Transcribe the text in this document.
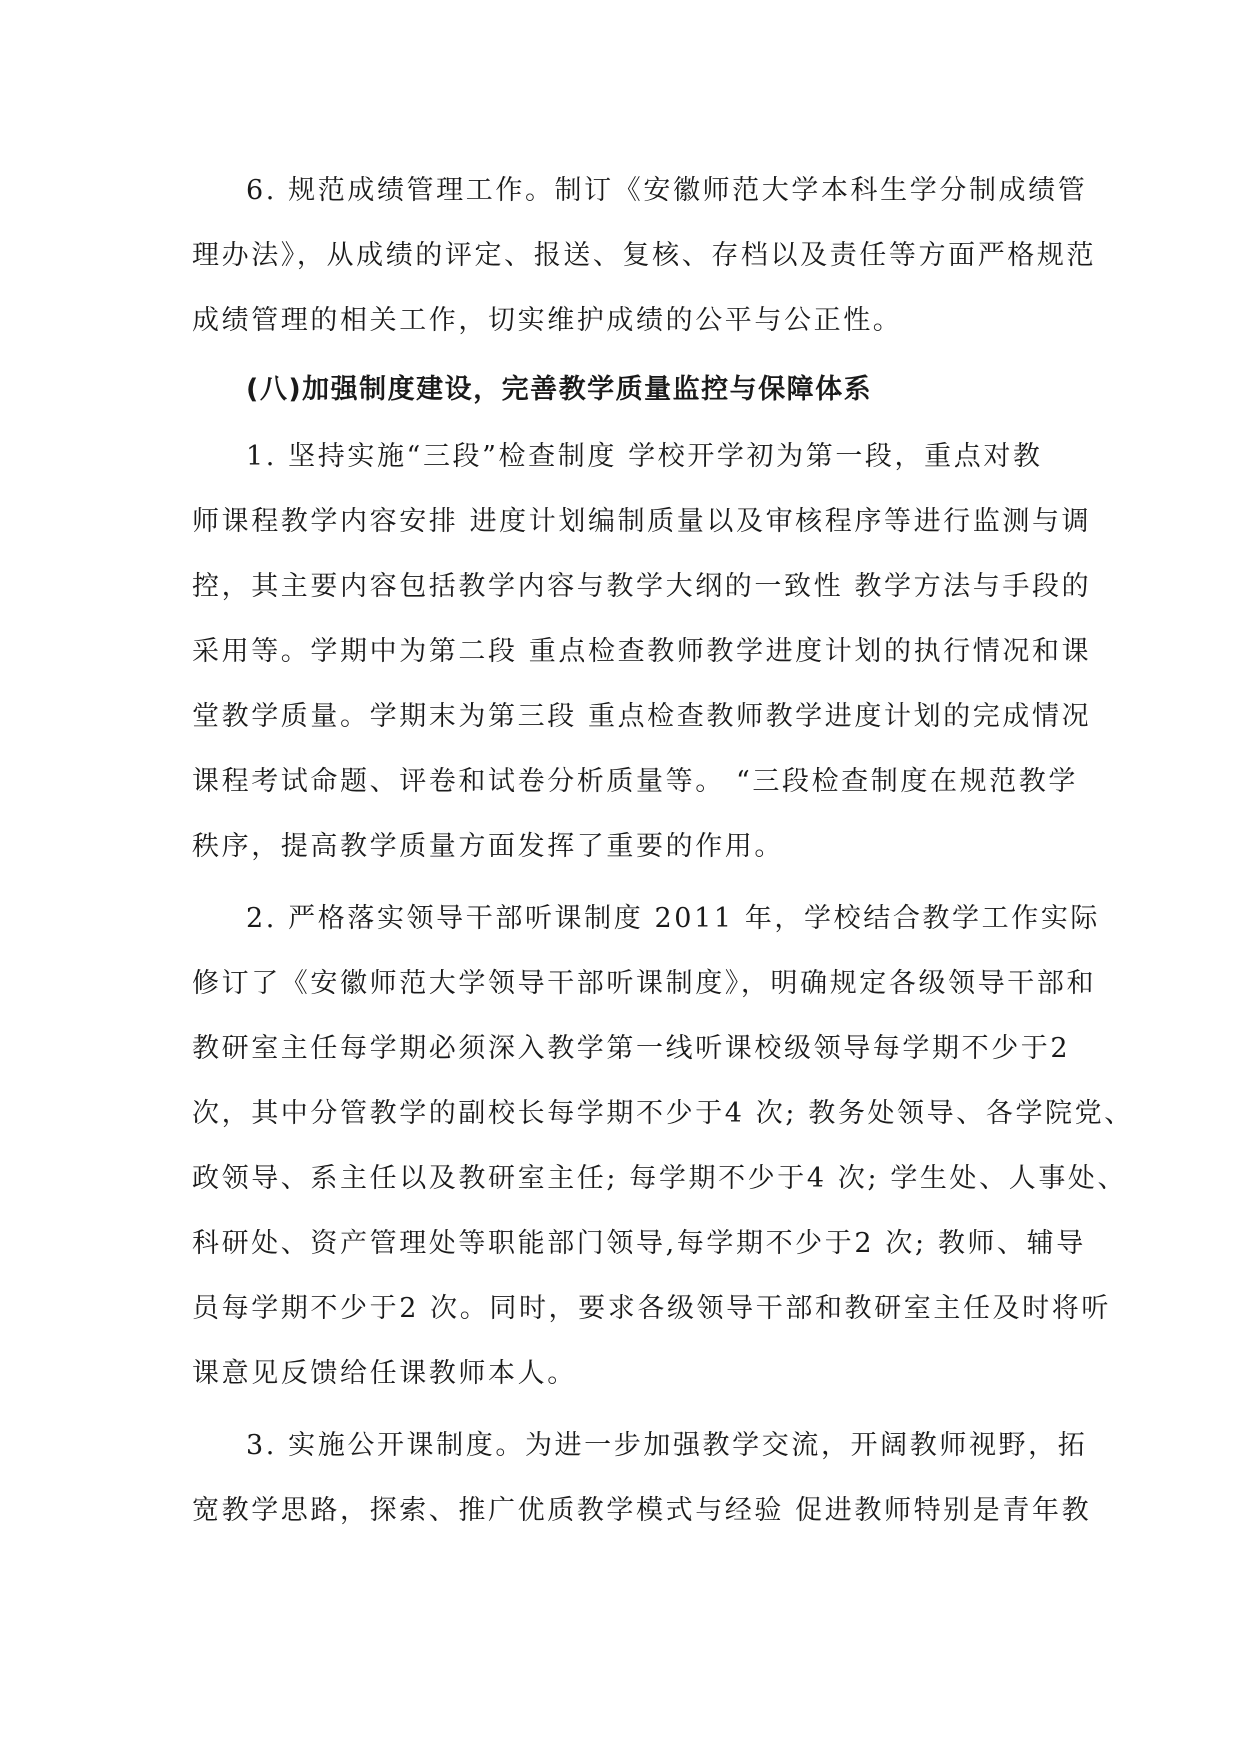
6. 规范成绩管理工作。制订《安徽师范大学本科生学分制成绩管
理办法》，从成绩的评定、报送、复核、存档以及责任等方面严格规范
成绩管理的相关工作，切实维护成绩的公平与公正性。
(八)加强制度建设，完善教学质量监控与保障体系
1. 坚持实施“三段”检查制度 学校开学初为第一段，重点对教
师课程教学内容安排 进度计划编制质量以及审核程序等进行监测与调
控，其主要内容包括教学内容与教学大纲的一致性 教学方法与手段的
采用等。学期中为第二段 重点检查教师教学进度计划的执行情况和课
堂教学质量。学期末为第三段 重点检查教师教学进度计划的完成情况
课程考试命题、评卷和试卷分析质量等。 “三段检查制度在规范教学
秩序，提高教学质量方面发挥了重要的作用。
2. 严格落实领导干部听课制度 2011 年，学校结合教学工作实际
修订了《安徽师范大学领导干部听课制度》，明确规定各级领导干部和
教研室主任每学期必须深入教学第一线听课校级领导每学期不少于2
次，其中分管教学的副校长每学期不少于4 次; 教务处领导、各学院党、
政领导、系主任以及教研室主任; 每学期不少于4 次; 学生处、人事处、
科研处、资产管理处等职能部门领导,每学期不少于2 次; 教师、辅导
员每学期不少于2 次。同时，要求各级领导干部和教研室主任及时将听
课意见反馈给任课教师本人。
3. 实施公开课制度。为进一步加强教学交流，开阔教师视野，拓
宽教学思路，探索、推广优质教学模式与经验 促进教师特别是青年教
